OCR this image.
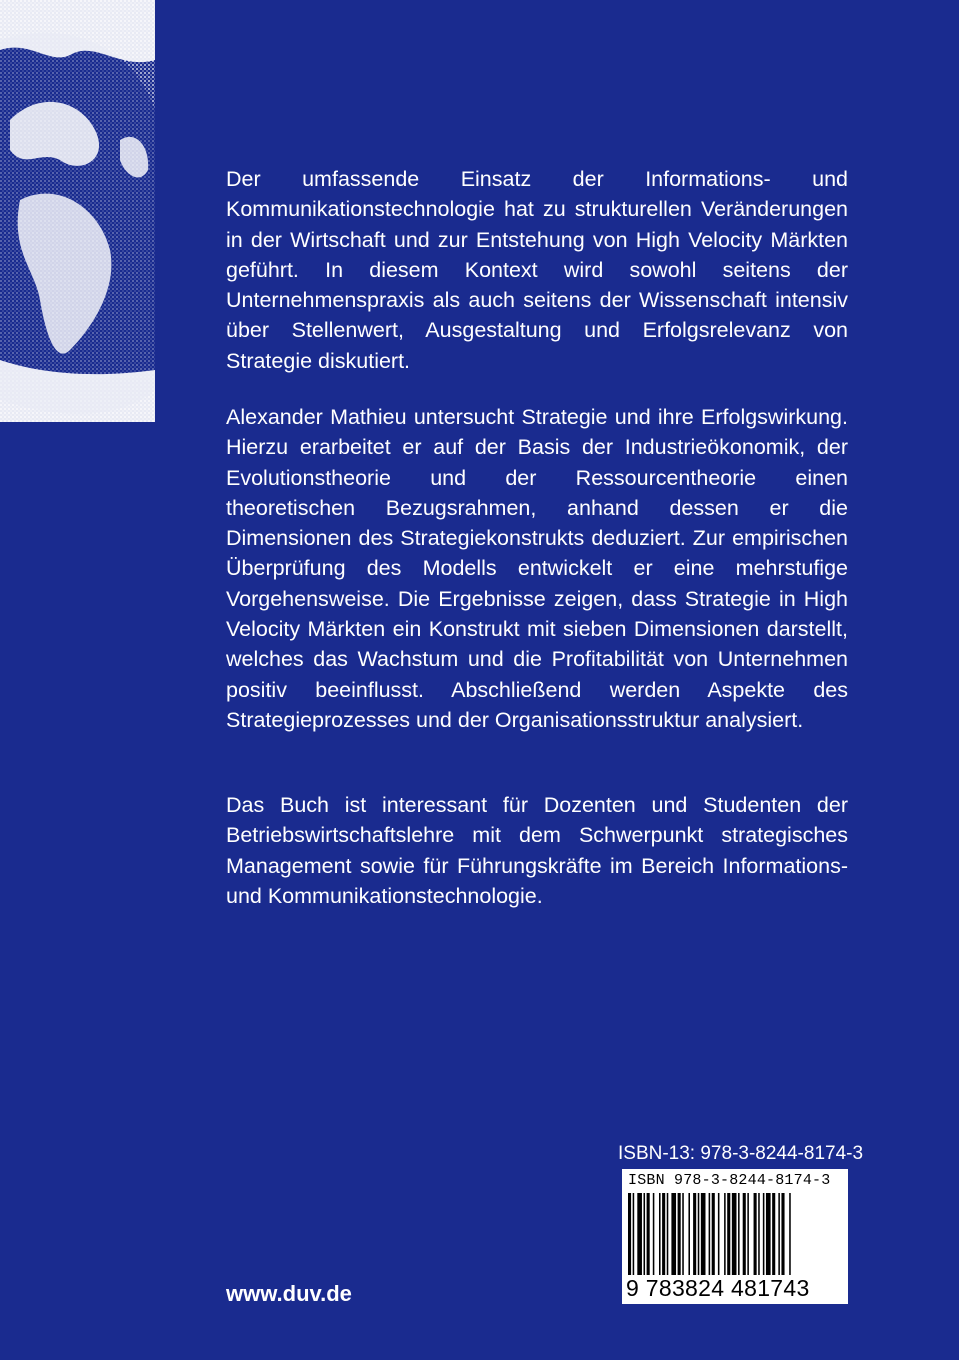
Der umfassende Einsatz der Informations- und Kommunikationstechnologie hat zu strukturellen Veränderungen in der Wirtschaft und zur Entstehung von High Velocity Märkten geführt. In diesem Kontext wird sowohl seitens der Unternehmenspraxis als auch seitens der Wissenschaft intensiv über Stellenwert, Ausgestaltung und Erfolgsrelevanz von Strategie diskutiert.

Alexander Mathieu untersucht Strategie und ihre Erfolgswirkung. Hierzu erarbeitet er auf der Basis der Industrieökonomik, der Evolutionstheorie und der Ressourcentheorie einen theoretischen Bezugsrahmen, anhand dessen er die Dimensionen des Strategiekonstrukts deduziert. Zur empirischen Überprüfung des Modells entwickelt er eine mehrstufige Vorgehensweise. Die Ergebnisse zeigen, dass Strategie in High Velocity Märkten ein Konstrukt mit sieben Dimensionen darstellt, welches das Wachstum und die Profitabilität von Unternehmen positiv beeinflusst. Abschließend werden Aspekte des Strategieprozesses und der Organisationsstruktur analysiert.

Das Buch ist interessant für Dozenten und Studenten der Betriebswirtschaftslehre mit dem Schwerpunkt strategisches Management sowie für Führungskräfte im Bereich Informations- und Kommunikationstechnologie.

ISBN-13: 978-3-8244-8174-3
ISBN 978-3-8244-8174-3
9 783824 481743
www.duv.de
